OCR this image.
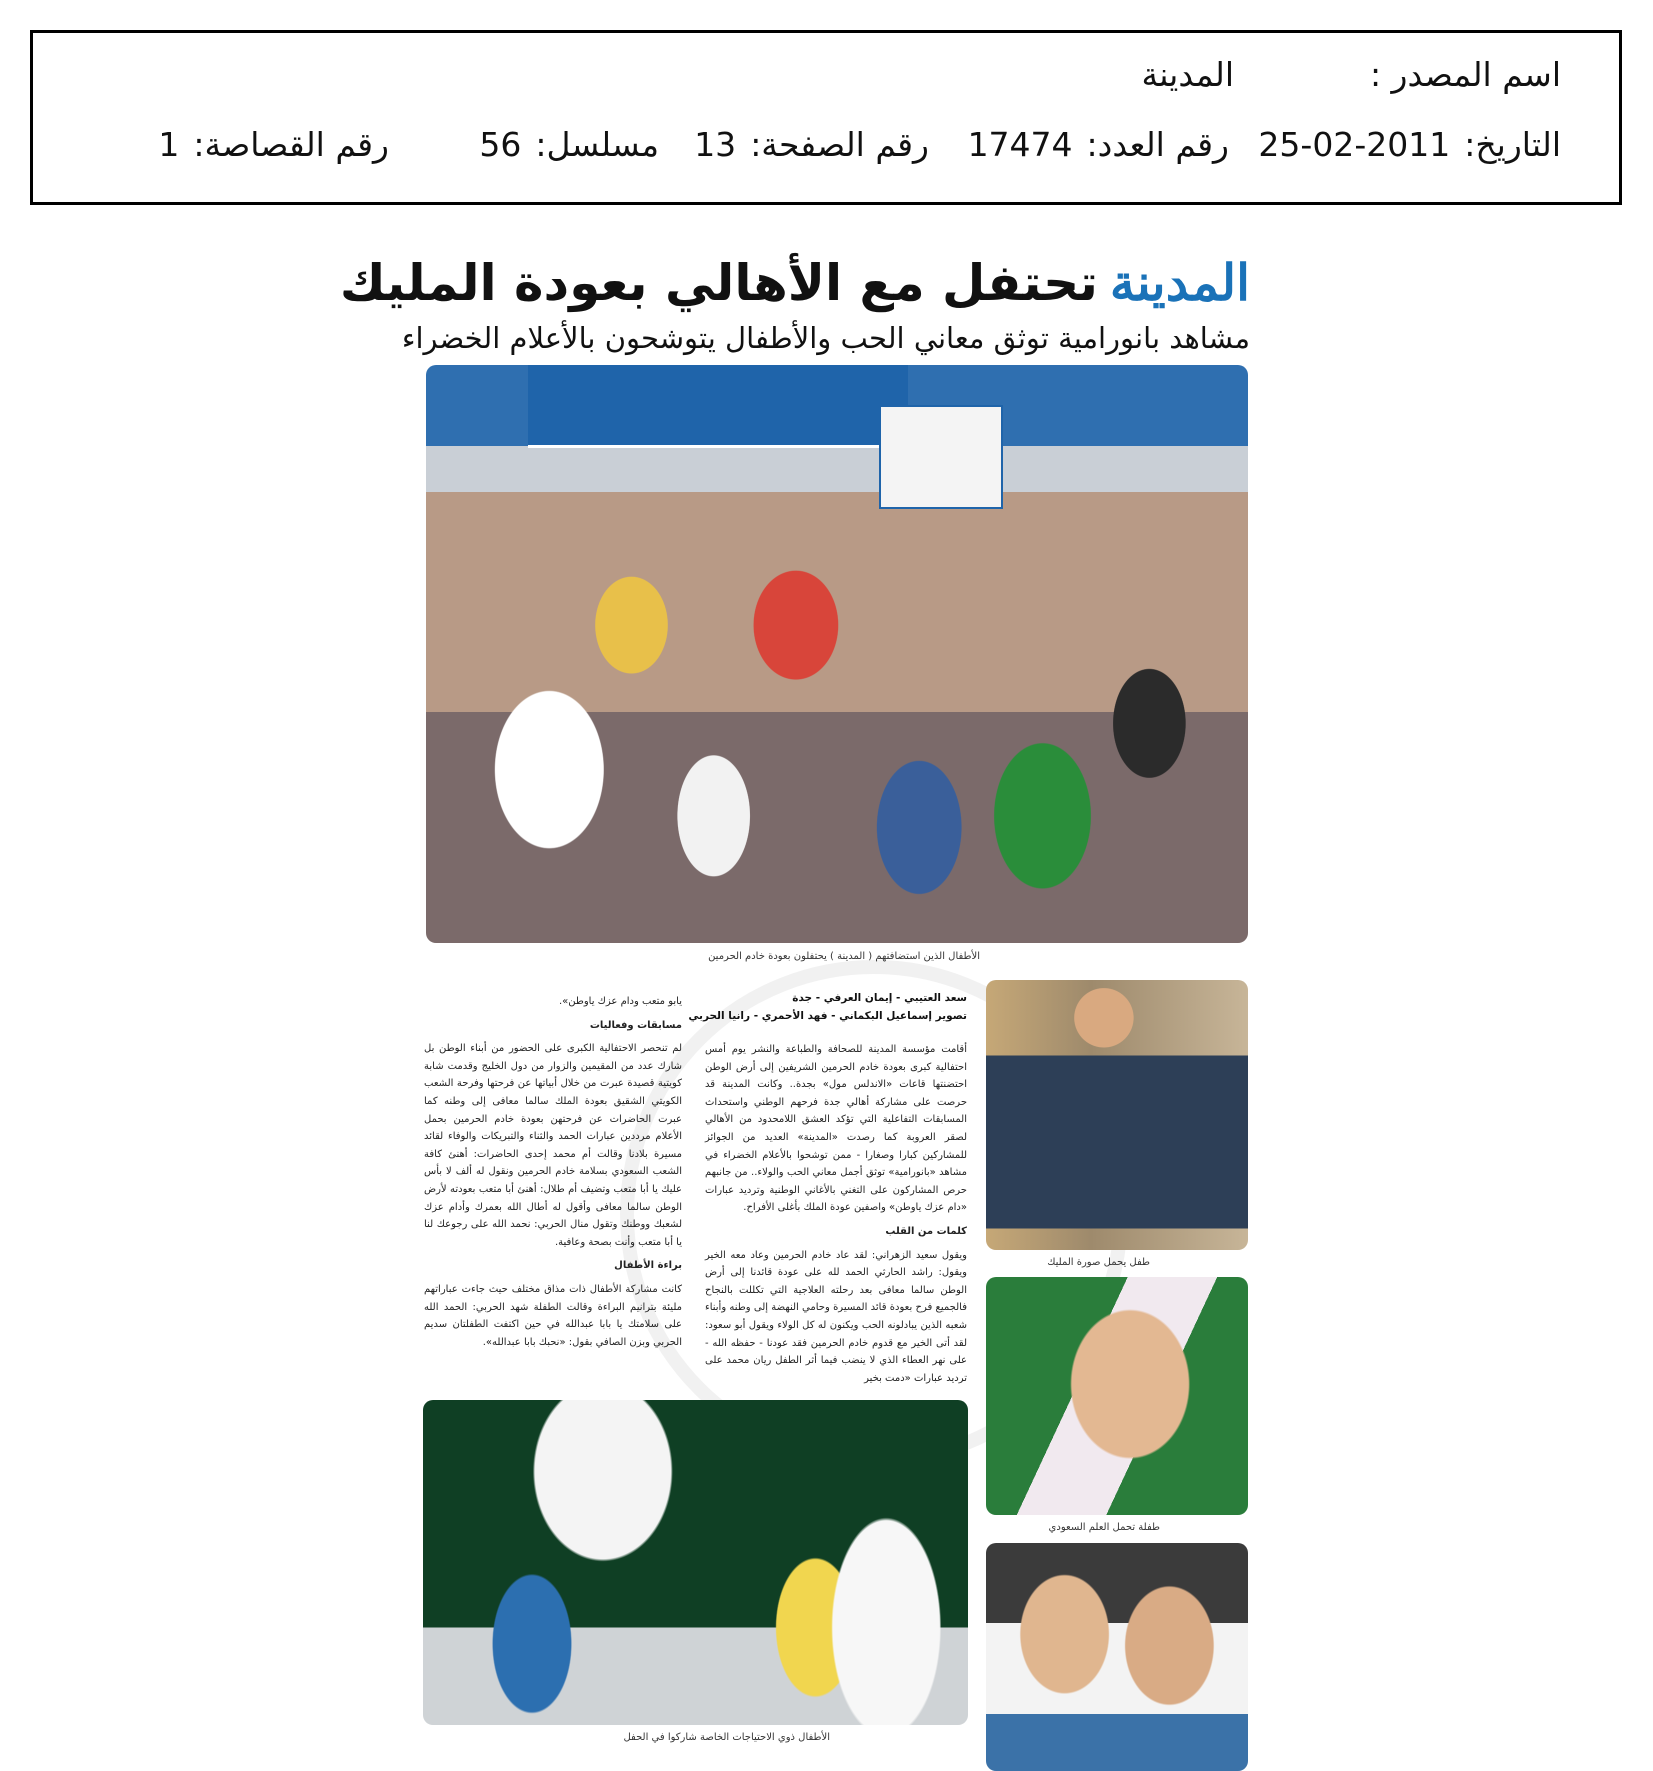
اسم المصدر :
المدينة
التاريخ:2011-02-25
رقم العدد:17474
رقم الصفحة:13
مسلسل:56
رقم القصاصة:1
المدينةتحتفل مع الأهالي بعودة المليك
مشاهد بانورامية توثق معاني الحب والأطفال يتوشحون بالأعلام الخضراء
الأطفال الذين استضافتهم ( المدينة ) يحتفلون بعودة خادم الحرمين
سعد العتيبي - إيمان العرفي - جدة
تصوير إسماعيل البكماني - فهد الأحمري - رانيا الحربي

أقامت مؤسسة المدينة للصحافة والطباعة والنشر يوم أمس احتفالية كبرى بعودة خادم الحرمين الشريفين إلى أرض الوطن احتضنتها قاعات «الاندلس مول» بجدة.. وكانت المدينة قد حرصت على مشاركة أهالي جدة فرحهم الوطني واستحداث المسابقات التفاعلية التي تؤكد العشق اللامحدود من الأهالي لصقر العروبة كما رصدت «المدينة» العديد من الجوائز للمشاركين كبارا وصغارا - ممن توشحوا بالأعلام الخضراء في مشاهد «بانورامية» توثق أجمل معاني الحب والولاء.. من جانبهم حرص المشاركون على التغني بالأغاني الوطنية وترديد عبارات «دام عزك ياوطن» واصفين عودة الملك بأغلى الأفراح.

كلمات من القلب

ويقول سعيد الزهراني: لقد عاد خادم الحرمين وعاد معه الخير ويقول: راشد الحارثي الحمد لله على عودة قائدنا إلى أرض الوطن سالما معافى بعد رحلته العلاجية التي تكللت بالنجاح فالجميع فرح بعودة قائد المسيرة وحامي النهضة إلى وطنه وأبناء شعبه الذين يبادلونه الحب ويكنون له كل الولاء ويقول أبو سعود: لقد أتى الخير مع قدوم خادم الحرمين فقد عودنا - حفظه الله - على نهر العطاء الذي لا ينضب فيما أثر الطفل ريان محمد على ترديد عبارات «دمت بخير

يابو متعب ودام عزك ياوطن».

مسابقات وفعاليات

لم تنحصر الاحتفالية الكبرى على الحضور من أبناء الوطن بل شارك عدد من المقيمين والزوار من دول الخليج وقدمت شابة كويتية قصيدة عبرت من خلال أبياتها عن فرحتها وفرحة الشعب الكويتي الشقيق بعودة الملك سالما معافى إلى وطنه كما عبرت الحاضرات عن فرحتهن بعودة خادم الحرمين بحمل الأعلام مرددين عبارات الحمد والثناء والتبريكات والوفاء لقائد مسيرة بلادنا وقالت أم محمد إحدى الحاضرات: أهنئ كافة الشعب السعودي بسلامة خادم الحرمين ونقول له ألف لا بأس عليك يا أبا متعب وتضيف أم طلال: أهنئ أبا متعب بعودته لأرض الوطن سالما معافى وأقول له أطال الله بعمرك وأدام عزك لشعبك ووطنك وتقول منال الحربي: نحمد الله على رجوعك لنا يا أبا متعب وأنت بصحة وعافية.

براءة الأطفال

كانت مشاركة الأطفال ذات مذاق مختلف حيث جاءت عباراتهم مليئة بترانيم البراءة وقالت الطفلة شهد الحربي: الحمد الله على سلامتك يا بابا عبدالله في حين اكتفت الطفلتان سديم الحربي وبزن الصافي بقول: «نحبك بابا عبدالله».

طفل يحمل صورة المليك
طفلة تحمل العلم السعودي
الأطفال ذوي الاحتياجات الخاصة شاركوا في الحفل
